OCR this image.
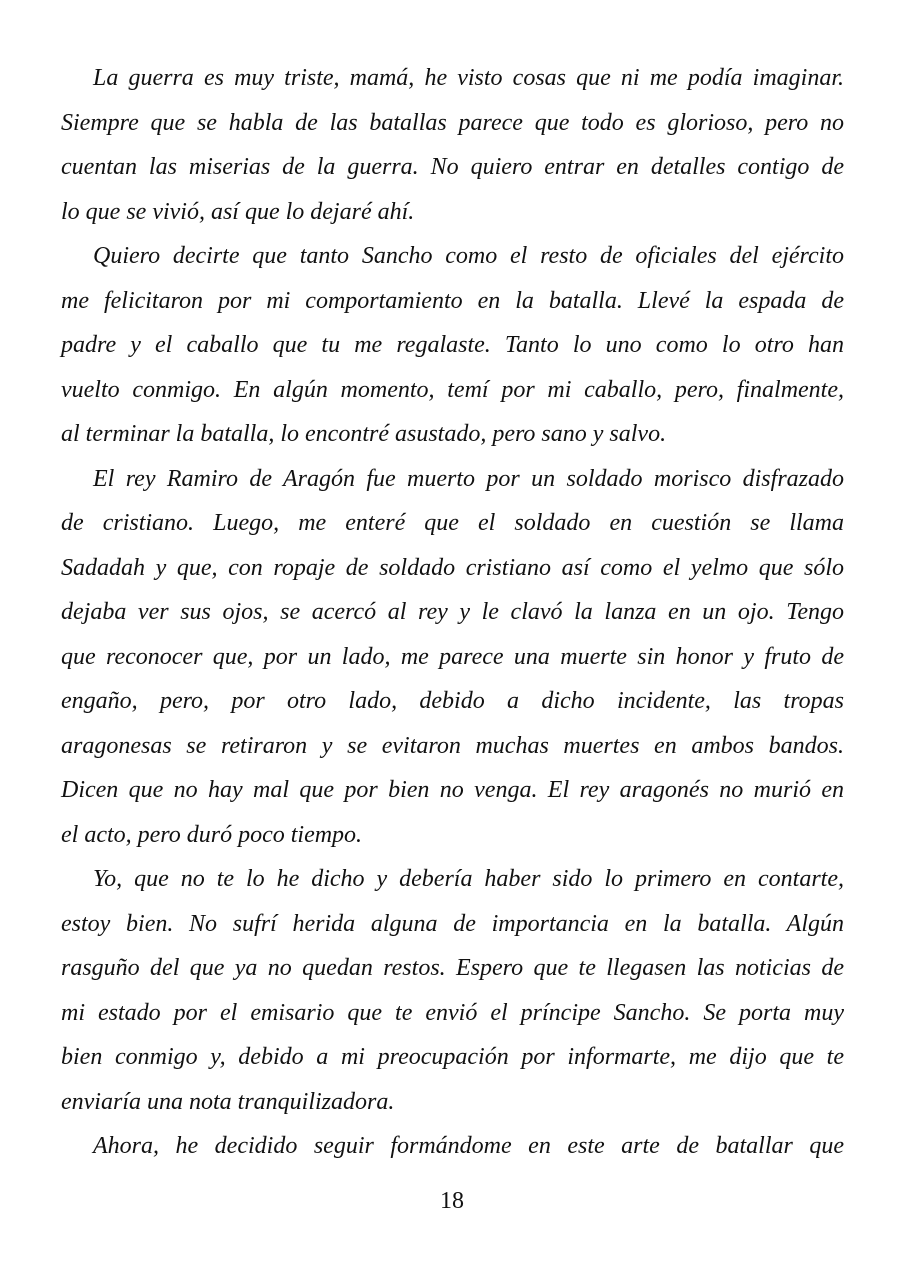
La guerra es muy triste, mamá, he visto cosas que ni me podía imaginar.
Siempre que se habla de las batallas parece que todo es glorioso, pero no
cuentan las miserias de la guerra. No quiero entrar en detalles contigo de
lo que se vivió, así que lo dejaré ahí.
Quiero decirte que tanto Sancho como el resto de oficiales del ejército
me felicitaron por mi comportamiento en la batalla. Llevé la espada de
padre y el caballo que tu me regalaste. Tanto lo uno como lo otro han
vuelto conmigo. En algún momento, temí por mi caballo, pero, finalmente,
al terminar la batalla, lo encontré asustado, pero sano y salvo.
El rey Ramiro de Aragón fue muerto por un soldado morisco disfrazado
de cristiano. Luego, me enteré que el soldado en cuestión se llama
Sadadah y que, con ropaje de soldado cristiano así como el yelmo que sólo
dejaba ver sus ojos, se acercó al rey y le clavó la lanza en un ojo. Tengo
que reconocer que, por un lado, me parece una muerte sin honor y fruto de
engaño, pero, por otro lado, debido a dicho incidente, las tropas
aragonesas se retiraron y se evitaron muchas muertes en ambos bandos.
Dicen que no hay mal que por bien no venga. El rey aragonés no murió en
el acto, pero duró poco tiempo.
Yo, que no te lo he dicho y debería haber sido lo primero en contarte,
estoy bien. No sufrí herida alguna de importancia en la batalla. Algún
rasguño del que ya no quedan restos. Espero que te llegasen las noticias de
mi estado por el emisario que te envió el príncipe Sancho. Se porta muy
bien conmigo y, debido a mi preocupación por informarte, me dijo que te
enviaría una nota tranquilizadora.
Ahora, he decidido seguir formándome en este arte de batallar que
18
